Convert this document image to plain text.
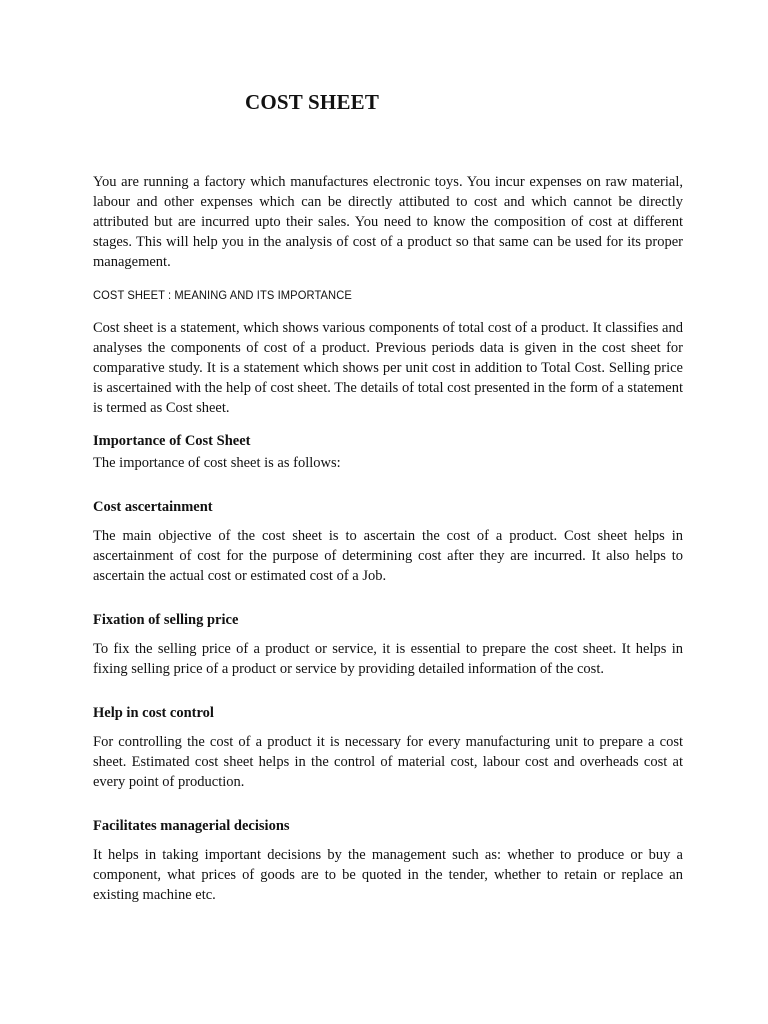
COST SHEET

You are running a factory which manufactures electronic toys. You incur expenses on raw material, labour and other expenses which can be directly attibuted to cost and which cannot be directly attributed but are incurred upto their sales. You need to know the composition of cost at different stages. This will help you in the analysis of cost of a product so that same can be used for its proper management.

COST SHEET : MEANING AND ITS IMPORTANCE

Cost sheet is a statement, which shows various components of total cost of a product. It classifies and analyses the components of cost of a product. Previous periods data is given in the cost sheet for comparative study. It is a statement which shows per unit cost in addition to Total Cost. Selling price is ascertained with the help of cost sheet. The details of total cost presented in the form of a statement is termed as Cost sheet.

Importance of Cost Sheet

The importance of cost sheet is as follows:

Cost ascertainment

The main objective of the cost sheet is to ascertain the cost of a product. Cost sheet helps in ascertainment of cost for the purpose of determining cost after they are incurred. It also helps to ascertain the actual cost or estimated cost of a Job.

Fixation of selling price

To fix the selling price of a product or service, it is essential to prepare the cost sheet. It helps in fixing selling price of a product or service by providing detailed information of the cost.

Help in cost control

For controlling the cost of a product it is necessary for every manufacturing unit to prepare a cost sheet. Estimated cost sheet helps in the control of material cost, labour cost and overheads cost at every point of production.

Facilitates managerial decisions

It helps in taking important decisions by the management such as: whether to produce or buy a component, what prices of goods are to be quoted in the tender, whether to retain or replace an existing machine etc.
